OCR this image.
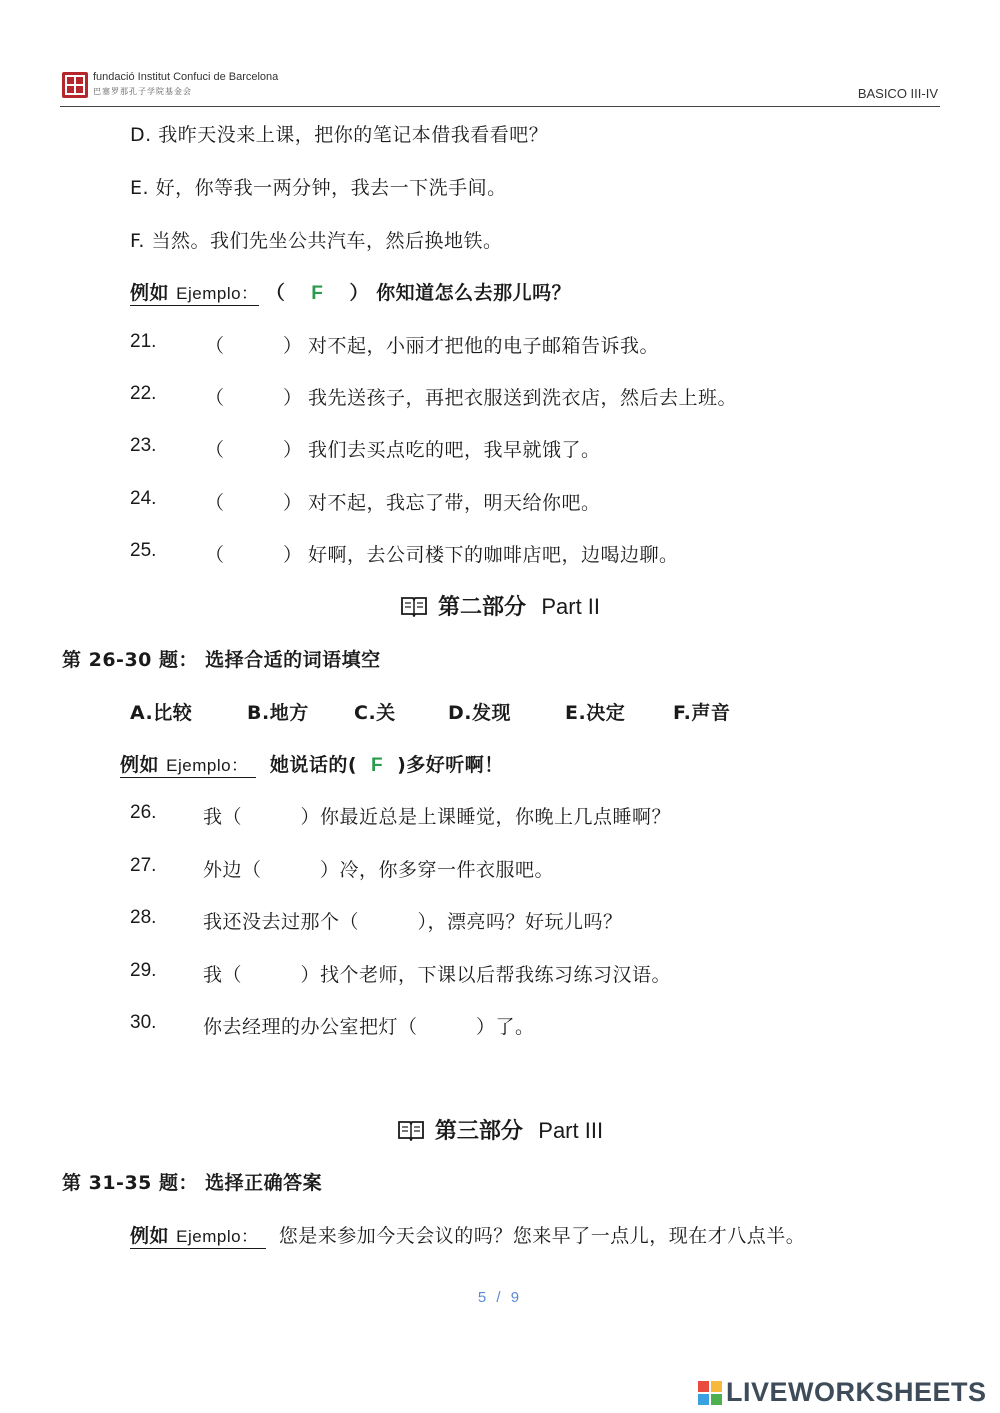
fundació Institut Confuci de Barcelona
巴塞罗那孔子学院基金会	BASICO III-IV
D. 我昨天没来上课，把你的笔记本借我看看吧？
E. 好，你等我一两分钟，我去一下洗手间。
F. 当然。我们先坐公共汽车，然后换地铁。
例如 Ejemplo： （ F ） 你知道怎么去那儿吗？
21.	（　　　） 对不起，小丽才把他的电子邮箱告诉我。
22.	（　　　） 我先送孩子，再把衣服送到洗衣店，然后去上班。
23.	（　　　） 我们去买点吃的吧，我早就饿了。
24.	（　　　） 对不起，我忘了带，明天给你吧。
25.	（　　　） 好啊，去公司楼下的咖啡店吧，边喝边聊。
第二部分 Part II
第 26-30 题： 选择合适的词语填空
A.比较	B.地方 C.关	D.发现	E.决定	F.声音
例如 Ejemplo： 她说话的( F )多好听啊！
26. 我（　　　）你最近总是上课睡觉，你晚上几点睡啊？
27. 外边（　　　）冷，你多穿一件衣服吧。
28. 我还没去过那个（　　　），漂亮吗？好玩儿吗？
29. 我（　　　）找个老师，下课以后帮我练习练习汉语。
30. 你去经理的办公室把灯（　　　）了。
第三部分 Part III
第 31-35 题： 选择正确答案
例如 Ejemplo： 您是来参加今天会议的吗？您来早了一点儿，现在才八点半。
5 / 9
LIVEWORKSHEETS
